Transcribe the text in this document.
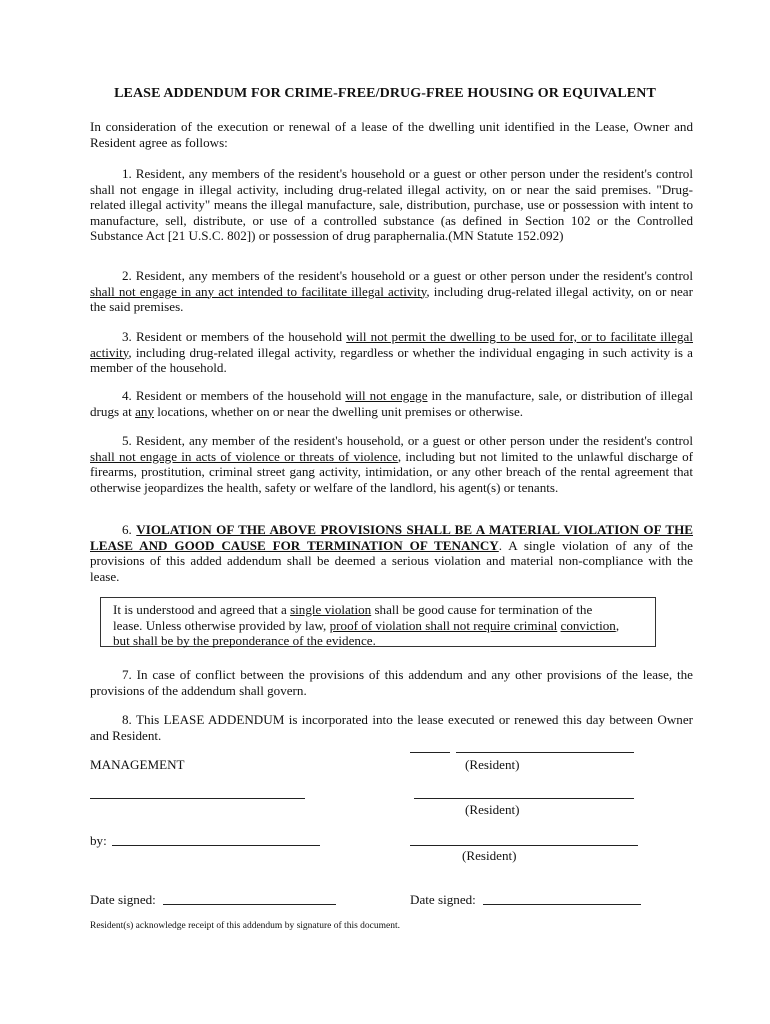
LEASE ADDENDUM FOR CRIME-FREE/DRUG-FREE HOUSING OR EQUIVALENT
In consideration of the execution or renewal of a lease of the dwelling unit identified in the Lease, Owner and Resident agree as follows:
1. Resident, any members of the resident's household or a guest or other person under the resident's control shall not engage in illegal activity, including drug-related illegal activity, on or near the said premises. "Drug-related illegal activity" means the illegal manufacture, sale, distribution, purchase, use or possession with intent to manufacture, sell, distribute, or use of a controlled substance (as defined in Section 102 or the Controlled Substance Act [21 U.S.C. 802]) or possession of drug paraphernalia.(MN Statute 152.092)
2. Resident, any members of the resident's household or a guest or other person under the resident's control shall not engage in any act intended to facilitate illegal activity, including drug-related illegal activity, on or near the said premises.
3. Resident or members of the household will not permit the dwelling to be used for, or to facilitate illegal activity, including drug-related illegal activity, regardless or whether the individual engaging in such activity is a member of the household.
4. Resident or members of the household will not engage in the manufacture, sale, or distribution of illegal drugs at any locations, whether on or near the dwelling unit premises or otherwise.
5. Resident, any member of the resident's household, or a guest or other person under the resident's control shall not engage in acts of violence or threats of violence, including but not limited to the unlawful discharge of firearms, prostitution, criminal street gang activity, intimidation, or any other breach of the rental agreement that otherwise jeopardizes the health, safety or welfare of the landlord, his agent(s) or tenants.
6. VIOLATION OF THE ABOVE PROVISIONS SHALL BE A MATERIAL VIOLATION OF THE LEASE AND GOOD CAUSE FOR TERMINATION OF TENANCY. A single violation of any of the provisions of this added addendum shall be deemed a serious violation and material non-compliance with the lease.
It is understood and agreed that a single violation shall be good cause for termination of the
lease. Unless otherwise provided by law, proof of violation shall not require criminal conviction,
but shall be by the preponderance of the evidence.
7. In case of conflict between the provisions of this addendum and any other provisions of the lease, the provisions of the addendum shall govern.
8. This LEASE ADDENDUM is incorporated into the lease executed or renewed this day between Owner and Resident.
MANAGEMENT	(Resident)
(Resident)
by:
(Resident)
Date signed:	Date signed:
Resident(s) acknowledge receipt of this addendum by signature of this document.
